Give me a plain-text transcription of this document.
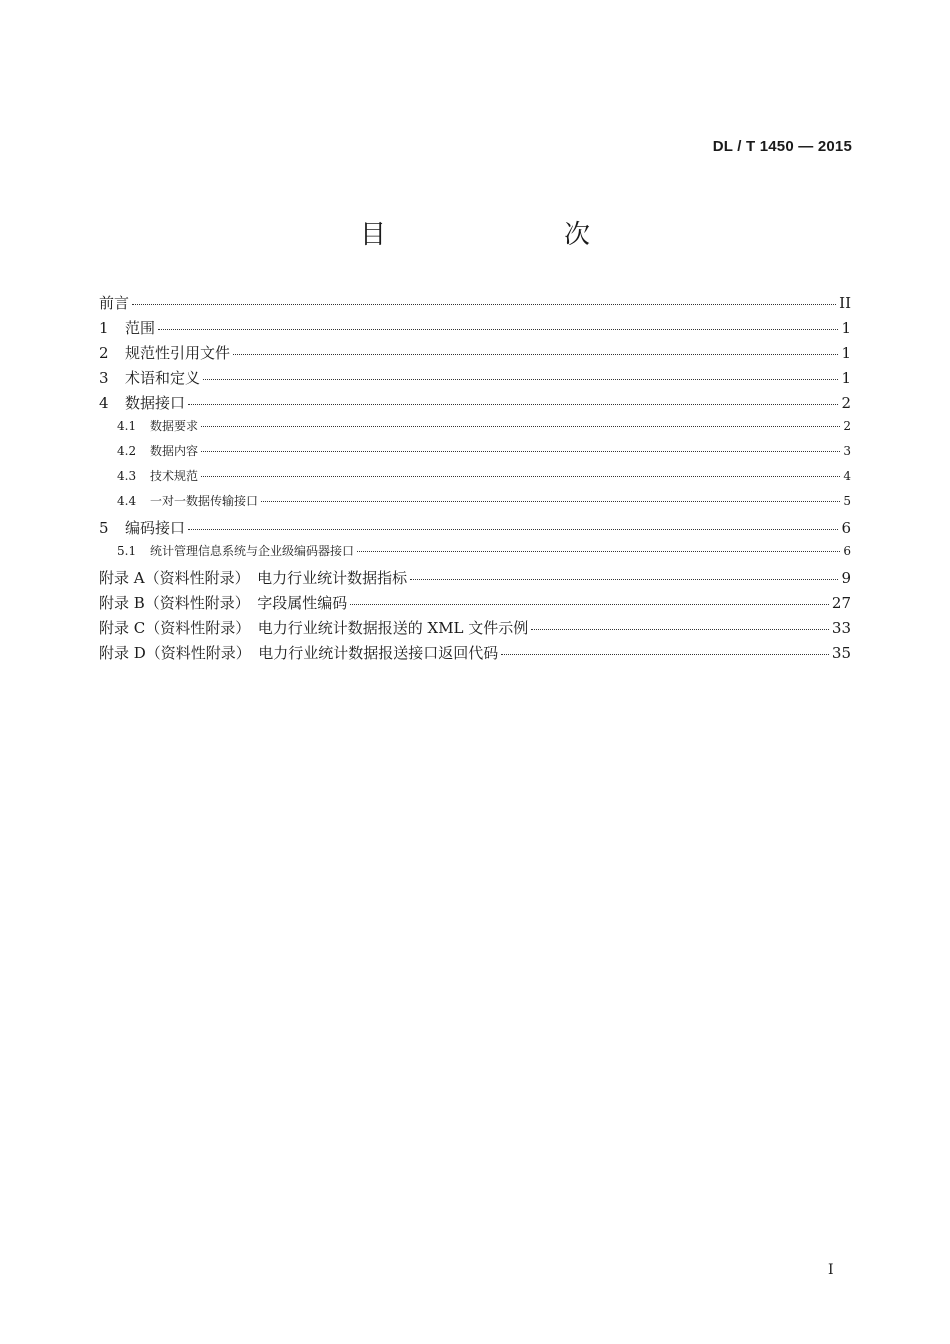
DL / T 1450 — 2015
目　　次
前言	II
1	范围	1
2	规范性引用文件	1
3	术语和定义	1
4	数据接口	2
4.1	数据要求	2
4.2	数据内容	3
4.3	技术规范	4
4.4	一对一数据传输接口	5
5	编码接口	6
5.1	统计管理信息系统与企业级编码器接口	6
附录 A（资料性附录）　电力行业统计数据指标	9
附录 B（资料性附录）　字段属性编码	27
附录 C（资料性附录）　电力行业统计数据报送的 XML 文件示例	33
附录 D（资料性附录）　电力行业统计数据报送接口返回代码	35
I
